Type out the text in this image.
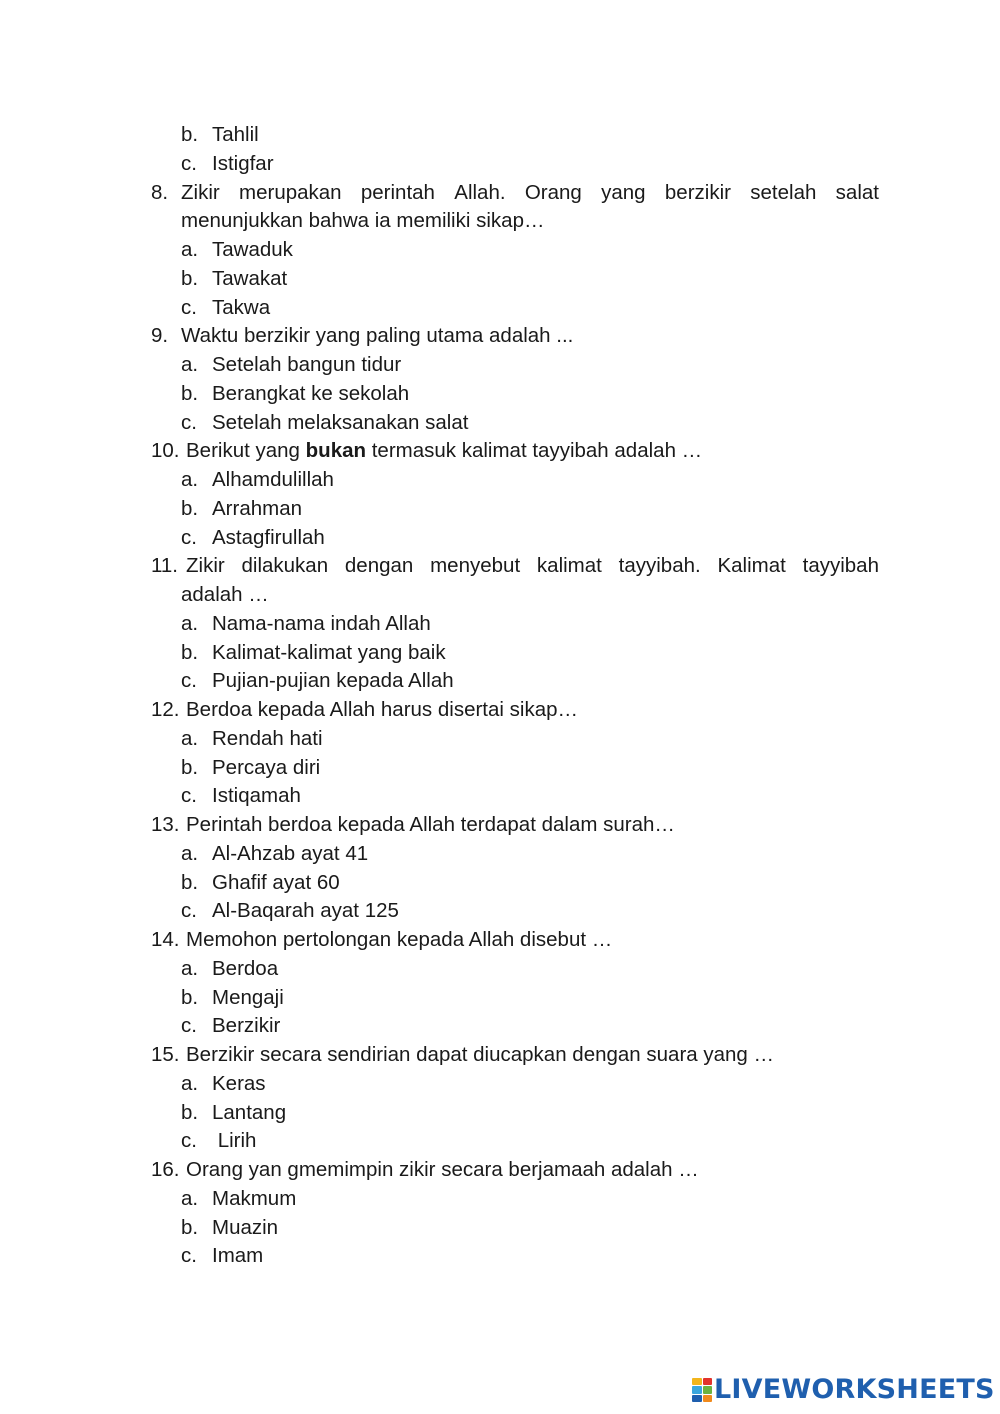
b. Tahlil
c. Istigfar
8. Zikir merupakan perintah Allah. Orang yang berzikir setelah salat
menunjukkan bahwa ia memiliki sikap…
a. Tawaduk
b. Tawakat
c. Takwa
9. Waktu berzikir yang paling utama adalah ...
a. Setelah bangun tidur
b. Berangkat ke sekolah
c. Setelah melaksanakan salat
10. Berikut yang bukan termasuk kalimat tayyibah adalah …
a. Alhamdulillah
b. Arrahman
c. Astagfirullah
11. Zikir dilakukan dengan menyebut kalimat tayyibah. Kalimat tayyibah
adalah …
a. Nama-nama indah Allah
b. Kalimat-kalimat yang baik
c. Pujian-pujian kepada Allah
12. Berdoa kepada Allah harus disertai sikap…
a. Rendah hati
b. Percaya diri
c. Istiqamah
13. Perintah berdoa kepada Allah terdapat dalam surah…
a. Al-Ahzab ayat 41
b. Ghafif ayat 60
c. Al-Baqarah ayat 125
14. Memohon pertolongan kepada Allah disebut …
a. Berdoa
b. Mengaji
c. Berzikir
15. Berzikir secara sendirian dapat diucapkan dengan suara yang …
a. Keras
b. Lantang
c. Lirih
16. Orang yan gmemimpin zikir secara berjamaah adalah …
a. Makmum
b. Muazin
c. Imam
LIVEWORKSHEETS
